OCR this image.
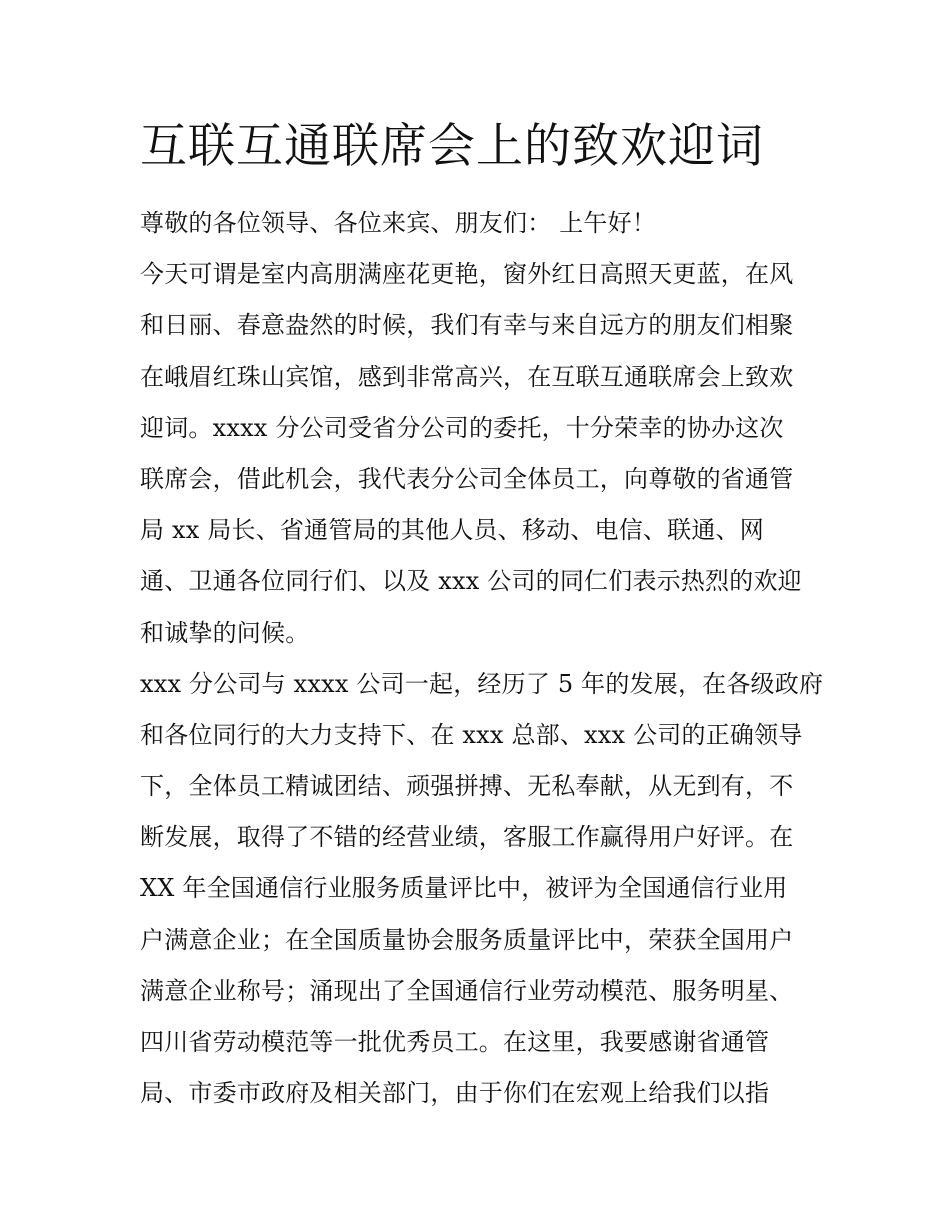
互联互通联席会上的致欢迎词

尊敬的各位领导、各位来宾、朋友们： 上午好！

今天可谓是室内高朋满座花更艳，窗外红日高照天更蓝，在风

和日丽、春意盎然的时候，我们有幸与来自远方的朋友们相聚

在峨眉红珠山宾馆，感到非常高兴，在互联互通联席会上致欢

迎词。xxxx 分公司受省分公司的委托，十分荣幸的协办这次

联席会，借此机会，我代表分公司全体员工，向尊敬的省通管

局 xx 局长、省通管局的其他人员、移动、电信、联通、网

通、卫通各位同行们、以及 xxx 公司的同仁们表示热烈的欢迎

和诚挚的问候。

xxx 分公司与 xxxx 公司一起，经历了 5 年的发展，在各级政府

和各位同行的大力支持下、在 xxx 总部、xxx 公司的正确领导

下，全体员工精诚团结、顽强拼搏、无私奉献，从无到有，不

断发展，取得了不错的经营业绩，客服工作赢得用户好评。在

XX 年全国通信行业服务质量评比中，被评为全国通信行业用

户满意企业；在全国质量协会服务质量评比中，荣获全国用户

满意企业称号；涌现出了全国通信行业劳动模范、服务明星、

四川省劳动模范等一批优秀员工。在这里，我要感谢省通管

局、市委市政府及相关部门，由于你们在宏观上给我们以指
